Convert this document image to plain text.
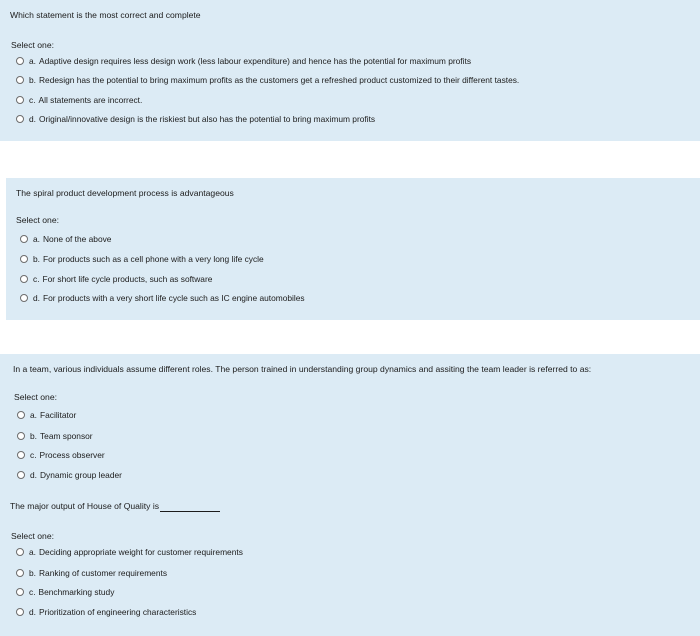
Which statement is the most correct and complete
Select one:
a. Adaptive design requires less design work (less labour expenditure) and hence has the potential for maximum profits
b. Redesign has the potential to bring maximum profits as the customers get a refreshed product customized to their different tastes.
c. All statements are incorrect.
d. Original/innovative design is the riskiest but also has the potential to bring maximum profits
The spiral product development process is advantageous
Select one:
a. None of the above
b. For products such as a cell phone with a very long life cycle
c. For short life cycle products, such as software
d. For products with a very short life cycle such as IC engine automobiles
In a team, various individuals assume different roles. The person trained in understanding group dynamics and assiting the team leader is referred to as:
Select one:
a. Facilitator
b. Team sponsor
c. Process observer
d. Dynamic group leader
The major output of House of Quality is
Select one:
a. Deciding appropriate weight for customer requirements
b. Ranking of customer requirements
c. Benchmarking study
d. Prioritization of engineering characteristics
